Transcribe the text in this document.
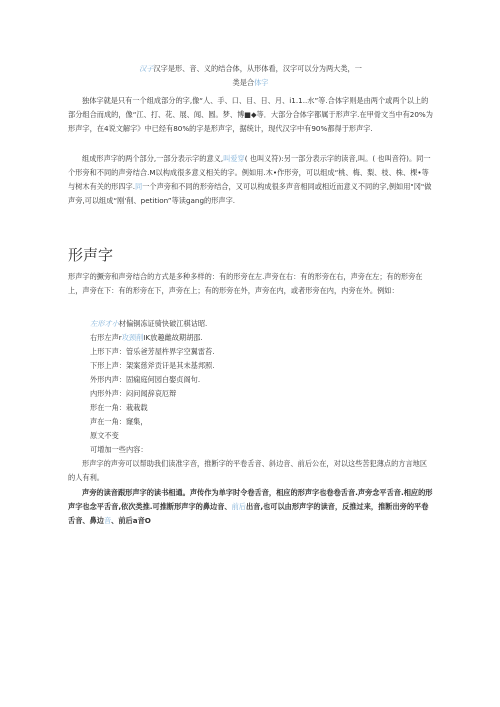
汉子汉字是形、音、义的结合体，从形体看，汉字可以分为两大类，一

类是合体字

独体字就是只有一个组成部分的字,像“人、手、口、目、日、月、i1.1..水”等.合体字则是由两个或两个以上的部分组合而成的，像“江、打、花、展、闻、圆。梦、博■◆等．大部分合体字都属于形声字.在甲骨文当中有20%为形声字，在4说文解字》中已经有80%的字是形声字，据统计，现代汉字中有90%都得于形声字.

组成形声字的两个部分,一部分表示字的意义,叫爱穿( 也叫义符):另一部分表示字的读音,叫。( 也叫音符)。同一个形旁和不同的声旁结合.M以构成很多意义相关的字。例如用.木•作形旁，可以组成“桃、梅、梨、枝、株、棵•等与树木有关的形四字.同一个声旁和不同的形旁结合，又可以构成很多声音相同或相近而意义不同的字,例如用"冈"做声旁,可以组成“刚'削、petition”等读gang的形声字.

形声字

形声字的撅旁和声旁结合的方式是多种多样的：有的形旁在左.声旁在右：有的形旁在右，声旁在左；有的形旁在上，声旁在下：有的形旁在下，声旁在上；有的形旁在外，声旁在内，或者形旁在内，内旁在外。例如：

左形才小材偏铜冻证骑快破江棋诂昭.

右形左声r攻颈削IK放趣雌故期胡邵.

上形下声：管乐爸芳屋杵界字空翼雷苔.

下形上声：架案慈斧贡讦是其未基邦照.

外形内声：固痫庭何园白娶贞阁句.

内形外声：闷问闻辞哀厄辩

形在一角：栽栽载

声在一角：窿集，

原文不变

可增加一些内容：

形声字的声旁可以帮助我们读准字音，推断字的平卷舌音、斜边音、前后公在，对以这些苦犯薄点的方言地区的人有利。

声旁的读音跟形声字的读书相通。声传作为单字时令卷舌音，相应的形声字也卷卷舌音.声旁念平舌音.相应的形声字也念平舌音,依次类推.可推断形声字的鼻边音、前后出音,也可以由形声字的读音，反推过来，推断出旁的平卷舌音、鼻边音、前后a音O
